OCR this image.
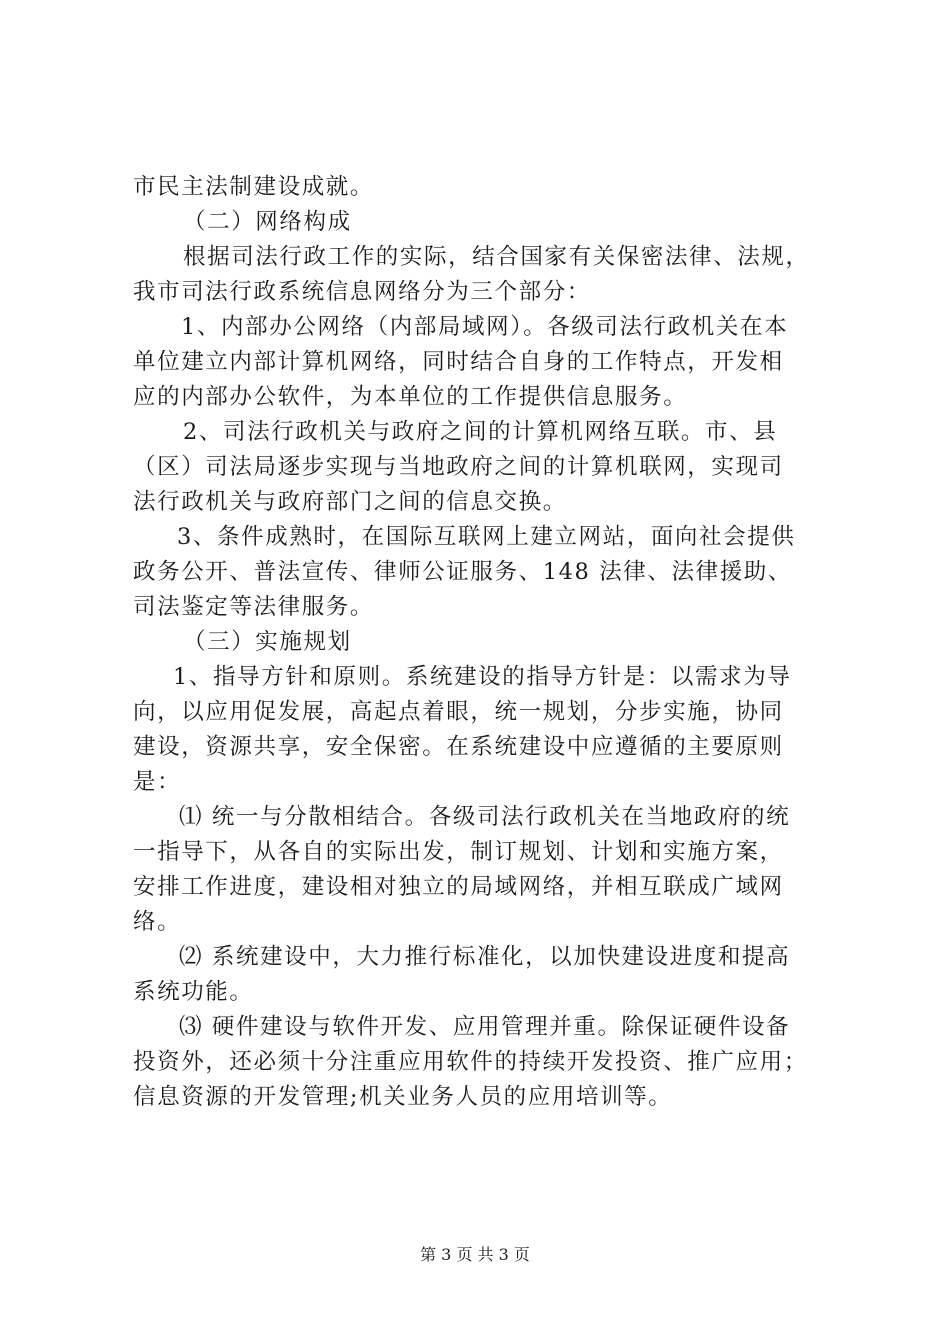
市民主法制建设成就。
（二）网络构成
根据司法行政工作的实际，结合国家有关保密法律、法规，
我市司法行政系统信息网络分为三个部分：
1、内部办公网络（内部局域网）。各级司法行政机关在本
单位建立内部计算机网络，同时结合自身的工作特点，开发相
应的内部办公软件，为本单位的工作提供信息服务。
2、司法行政机关与政府之间的计算机网络互联。市、县
（区）司法局逐步实现与当地政府之间的计算机联网，实现司
法行政机关与政府部门之间的信息交换。
3、条件成熟时，在国际互联网上建立网站，面向社会提供
政务公开、普法宣传、律师公证服务、148 法律、法律援助、
司法鉴定等法律服务。
（三）实施规划
1、指导方针和原则。系统建设的指导方针是：以需求为导
向，以应用促发展，高起点着眼，统一规划，分步实施，协同
建设，资源共享，安全保密。在系统建设中应遵循的主要原则
是：
⑴ 统一与分散相结合。各级司法行政机关在当地政府的统
一指导下，从各自的实际出发，制订规划、计划和实施方案，
安排工作进度，建设相对独立的局域网络，并相互联成广域网
络。
⑵ 系统建设中，大力推行标准化，以加快建设进度和提高
系统功能。
⑶ 硬件建设与软件开发、应用管理并重。除保证硬件设备
投资外，还必须十分注重应用软件的持续开发投资、推广应用；
信息资源的开发管理;机关业务人员的应用培训等。
第 3 页 共 3 页
